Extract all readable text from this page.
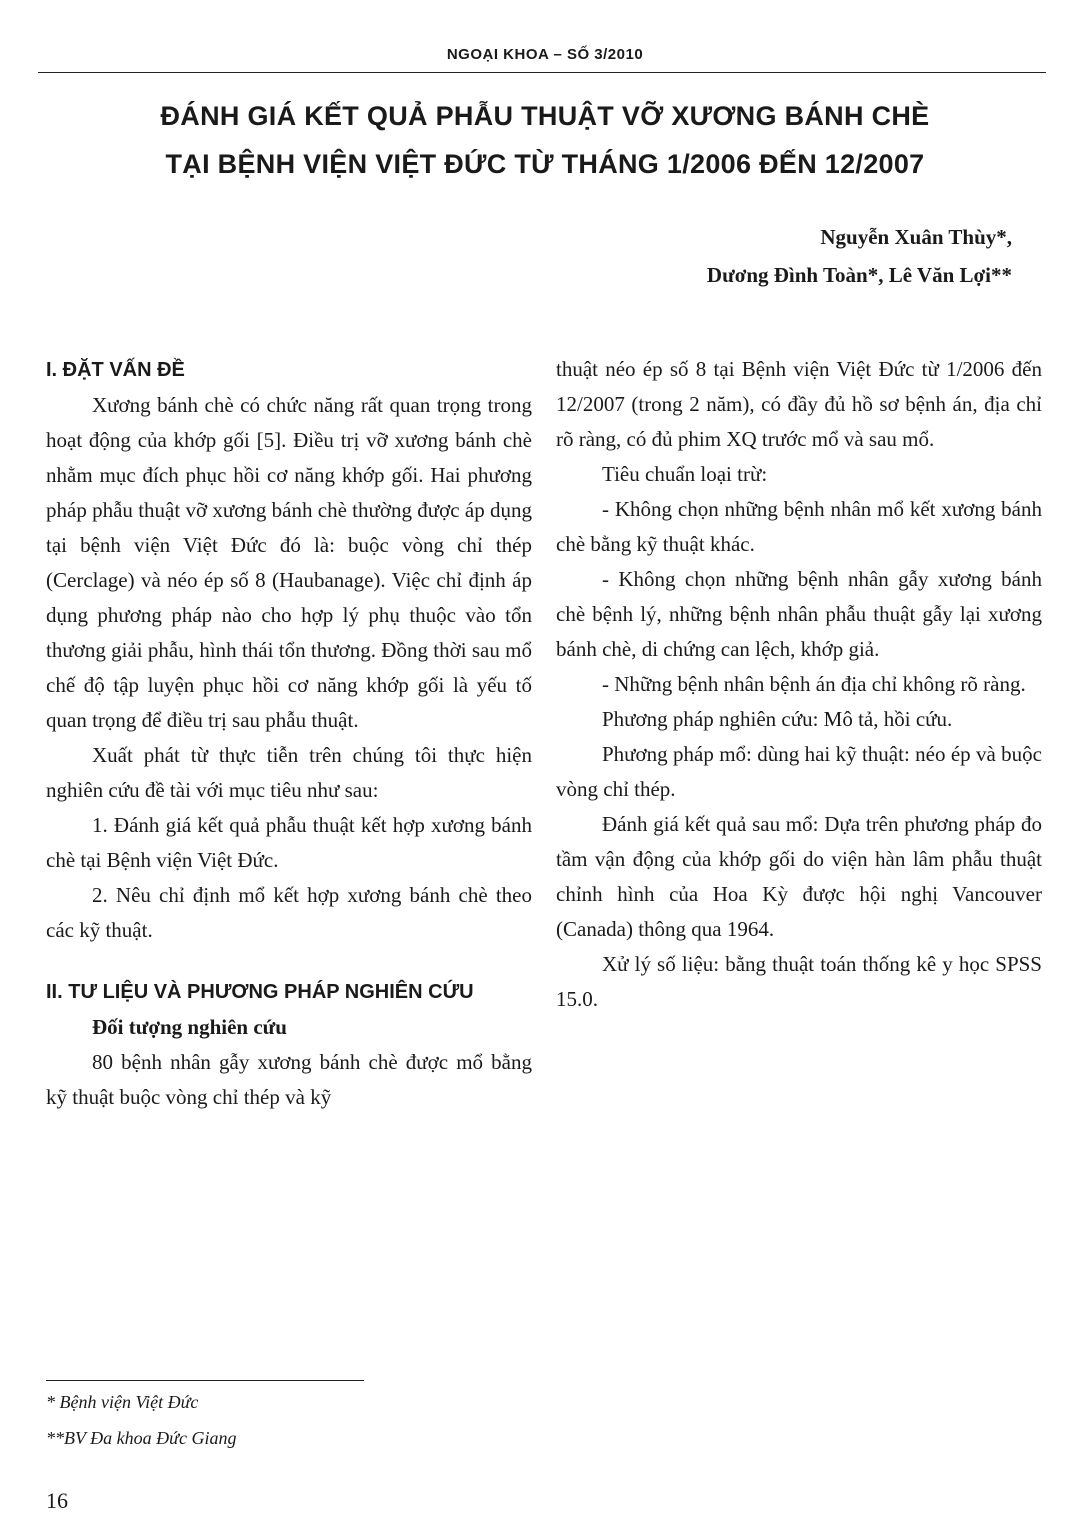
NGOẠI KHOA – SỐ 3/2010
ĐÁNH GIÁ KẾT QUẢ PHẪU THUẬT VỠ XƯƠNG BÁNH CHÈ
TẠI BỆNH VIỆN VIỆT ĐỨC TỪ THÁNG 1/2006 ĐẾN 12/2007
Nguyễn Xuân Thùy*,
Dương Đình Toàn*, Lê Văn Lợi**
I. ĐẶT VẤN ĐỀ

Xương bánh chè có chức năng rất quan trọng trong hoạt động của khớp gối [5]. Điều trị vỡ xương bánh chè nhằm mục đích phục hồi cơ năng khớp gối. Hai phương pháp phẫu thuật vỡ xương bánh chè thường được áp dụng tại bệnh viện Việt Đức đó là: buộc vòng chỉ thép (Cerclage) và néo ép số 8 (Haubanage). Việc chỉ định áp dụng phương pháp nào cho hợp lý phụ thuộc vào tổn thương giải phẫu, hình thái tổn thương. Đồng thời sau mổ chế độ tập luyện phục hồi cơ năng khớp gối là yếu tố quan trọng để điều trị sau phẫu thuật.

Xuất phát từ thực tiễn trên chúng tôi thực hiện nghiên cứu đề tài với mục tiêu như sau:

1. Đánh giá kết quả phẫu thuật kết hợp xương bánh chè tại Bệnh viện Việt Đức.

2. Nêu chỉ định mổ kết hợp xương bánh chè theo các kỹ thuật.

II. TƯ LIỆU VÀ PHƯƠNG PHÁP NGHIÊN CỨU

Đối tượng nghiên cứu

80 bệnh nhân gẫy xương bánh chè được mổ bằng kỹ thuật buộc vòng chỉ thép và kỹ

thuật néo ép số 8 tại Bệnh viện Việt Đức từ 1/2006 đến 12/2007 (trong 2 năm), có đầy đủ hồ sơ bệnh án, địa chỉ rõ ràng, có đủ phim XQ trước mổ và sau mổ.

Tiêu chuẩn loại trừ:

- Không chọn những bệnh nhân mổ kết xương bánh chè bằng kỹ thuật khác.

- Không chọn những bệnh nhân gẫy xương bánh chè bệnh lý, những bệnh nhân phẫu thuật gẫy lại xương bánh chè, di chứng can lệch, khớp giả.

- Những bệnh nhân bệnh án địa chỉ không rõ ràng.

Phương pháp nghiên cứu: Mô tả, hồi cứu.

Phương pháp mổ: dùng hai kỹ thuật: néo ép và buộc vòng chỉ thép.

Đánh giá kết quả sau mổ: Dựa trên phương pháp đo tầm vận động của khớp gối do viện hàn lâm phẫu thuật chỉnh hình của Hoa Kỳ được hội nghị Vancouver (Canada) thông qua 1964.

Xử lý số liệu: bằng thuật toán thống kê y học SPSS 15.0.

* Bệnh viện Việt Đức
**BV Đa khoa Đức Giang
16
